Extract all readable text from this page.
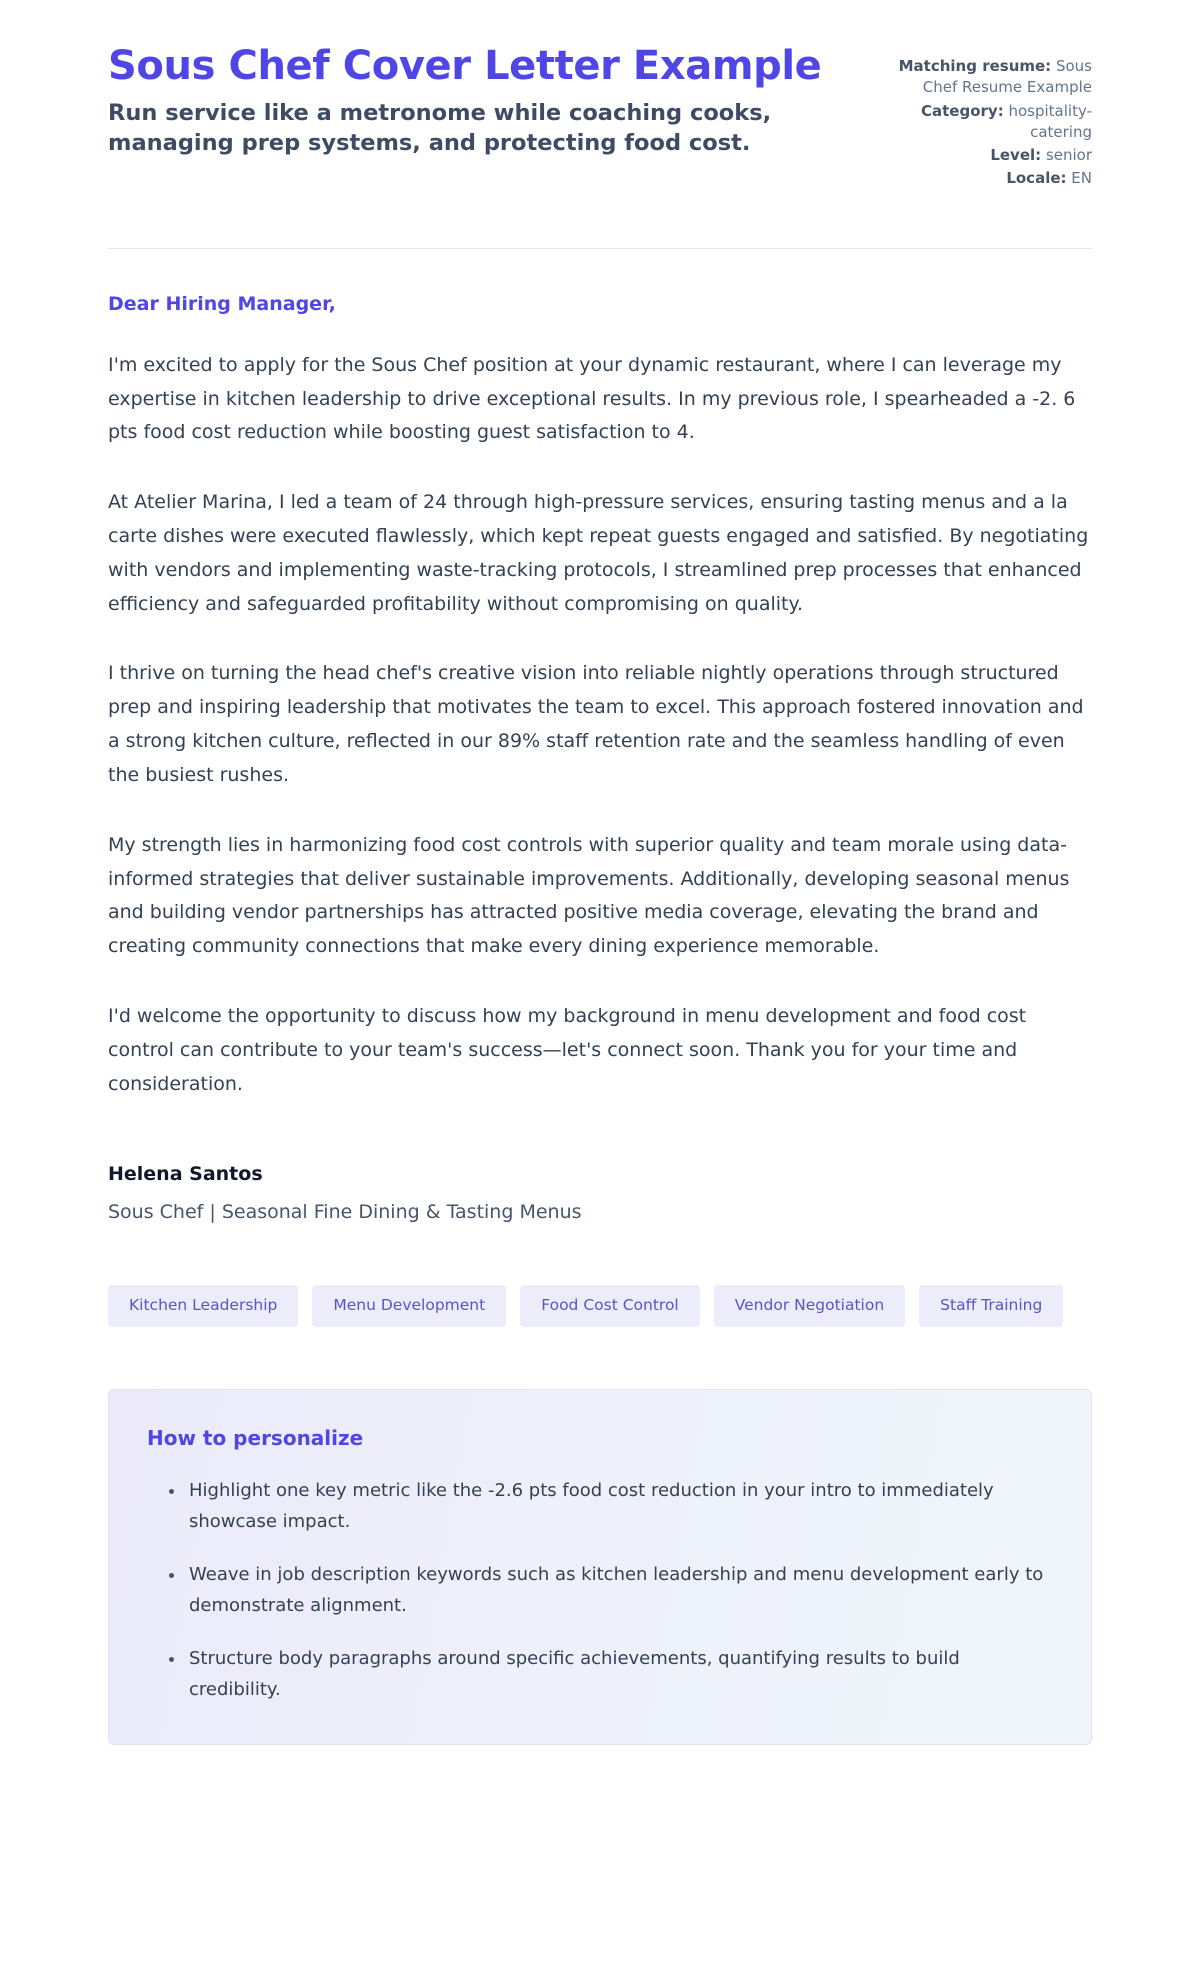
Sous Chef Cover Letter Example

Run service like a metronome while coaching cooks, managing prep systems, and protecting food cost.

Matching resume: Sous Chef Resume Example
Category: hospitality-catering
Level: senior
Locale: EN

Dear Hiring Manager,

I'm excited to apply for the Sous Chef position at your dynamic restaurant, where I can leverage my expertise in kitchen leadership to drive exceptional results. In my previous role, I spearheaded a -2. 6 pts food cost reduction while boosting guest satisfaction to 4.

At Atelier Marina, I led a team of 24 through high-pressure services, ensuring tasting menus and a la carte dishes were executed flawlessly, which kept repeat guests engaged and satisfied. By negotiating with vendors and implementing waste-tracking protocols, I streamlined prep processes that enhanced efficiency and safeguarded profitability without compromising on quality.

I thrive on turning the head chef's creative vision into reliable nightly operations through structured prep and inspiring leadership that motivates the team to excel. This approach fostered innovation and a strong kitchen culture, reflected in our 89% staff retention rate and the seamless handling of even the busiest rushes.

My strength lies in harmonizing food cost controls with superior quality and team morale using data-informed strategies that deliver sustainable improvements. Additionally, developing seasonal menus and building vendor partnerships has attracted positive media coverage, elevating the brand and creating community connections that make every dining experience memorable.

I'd welcome the opportunity to discuss how my background in menu development and food cost control can contribute to your team's success—let's connect soon. Thank you for your time and consideration.

Helena Santos

Sous Chef | Seasonal Fine Dining & Tasting Menus

Kitchen Leadership	Menu Development	Food Cost Control	Vendor Negotiation	Staff Training
How to personalize
Highlight one key metric like the -2.6 pts food cost reduction in your intro to immediately showcase impact.
Weave in job description keywords such as kitchen leadership and menu development early to demonstrate alignment.
Structure body paragraphs around specific achievements, quantifying results to build credibility.
